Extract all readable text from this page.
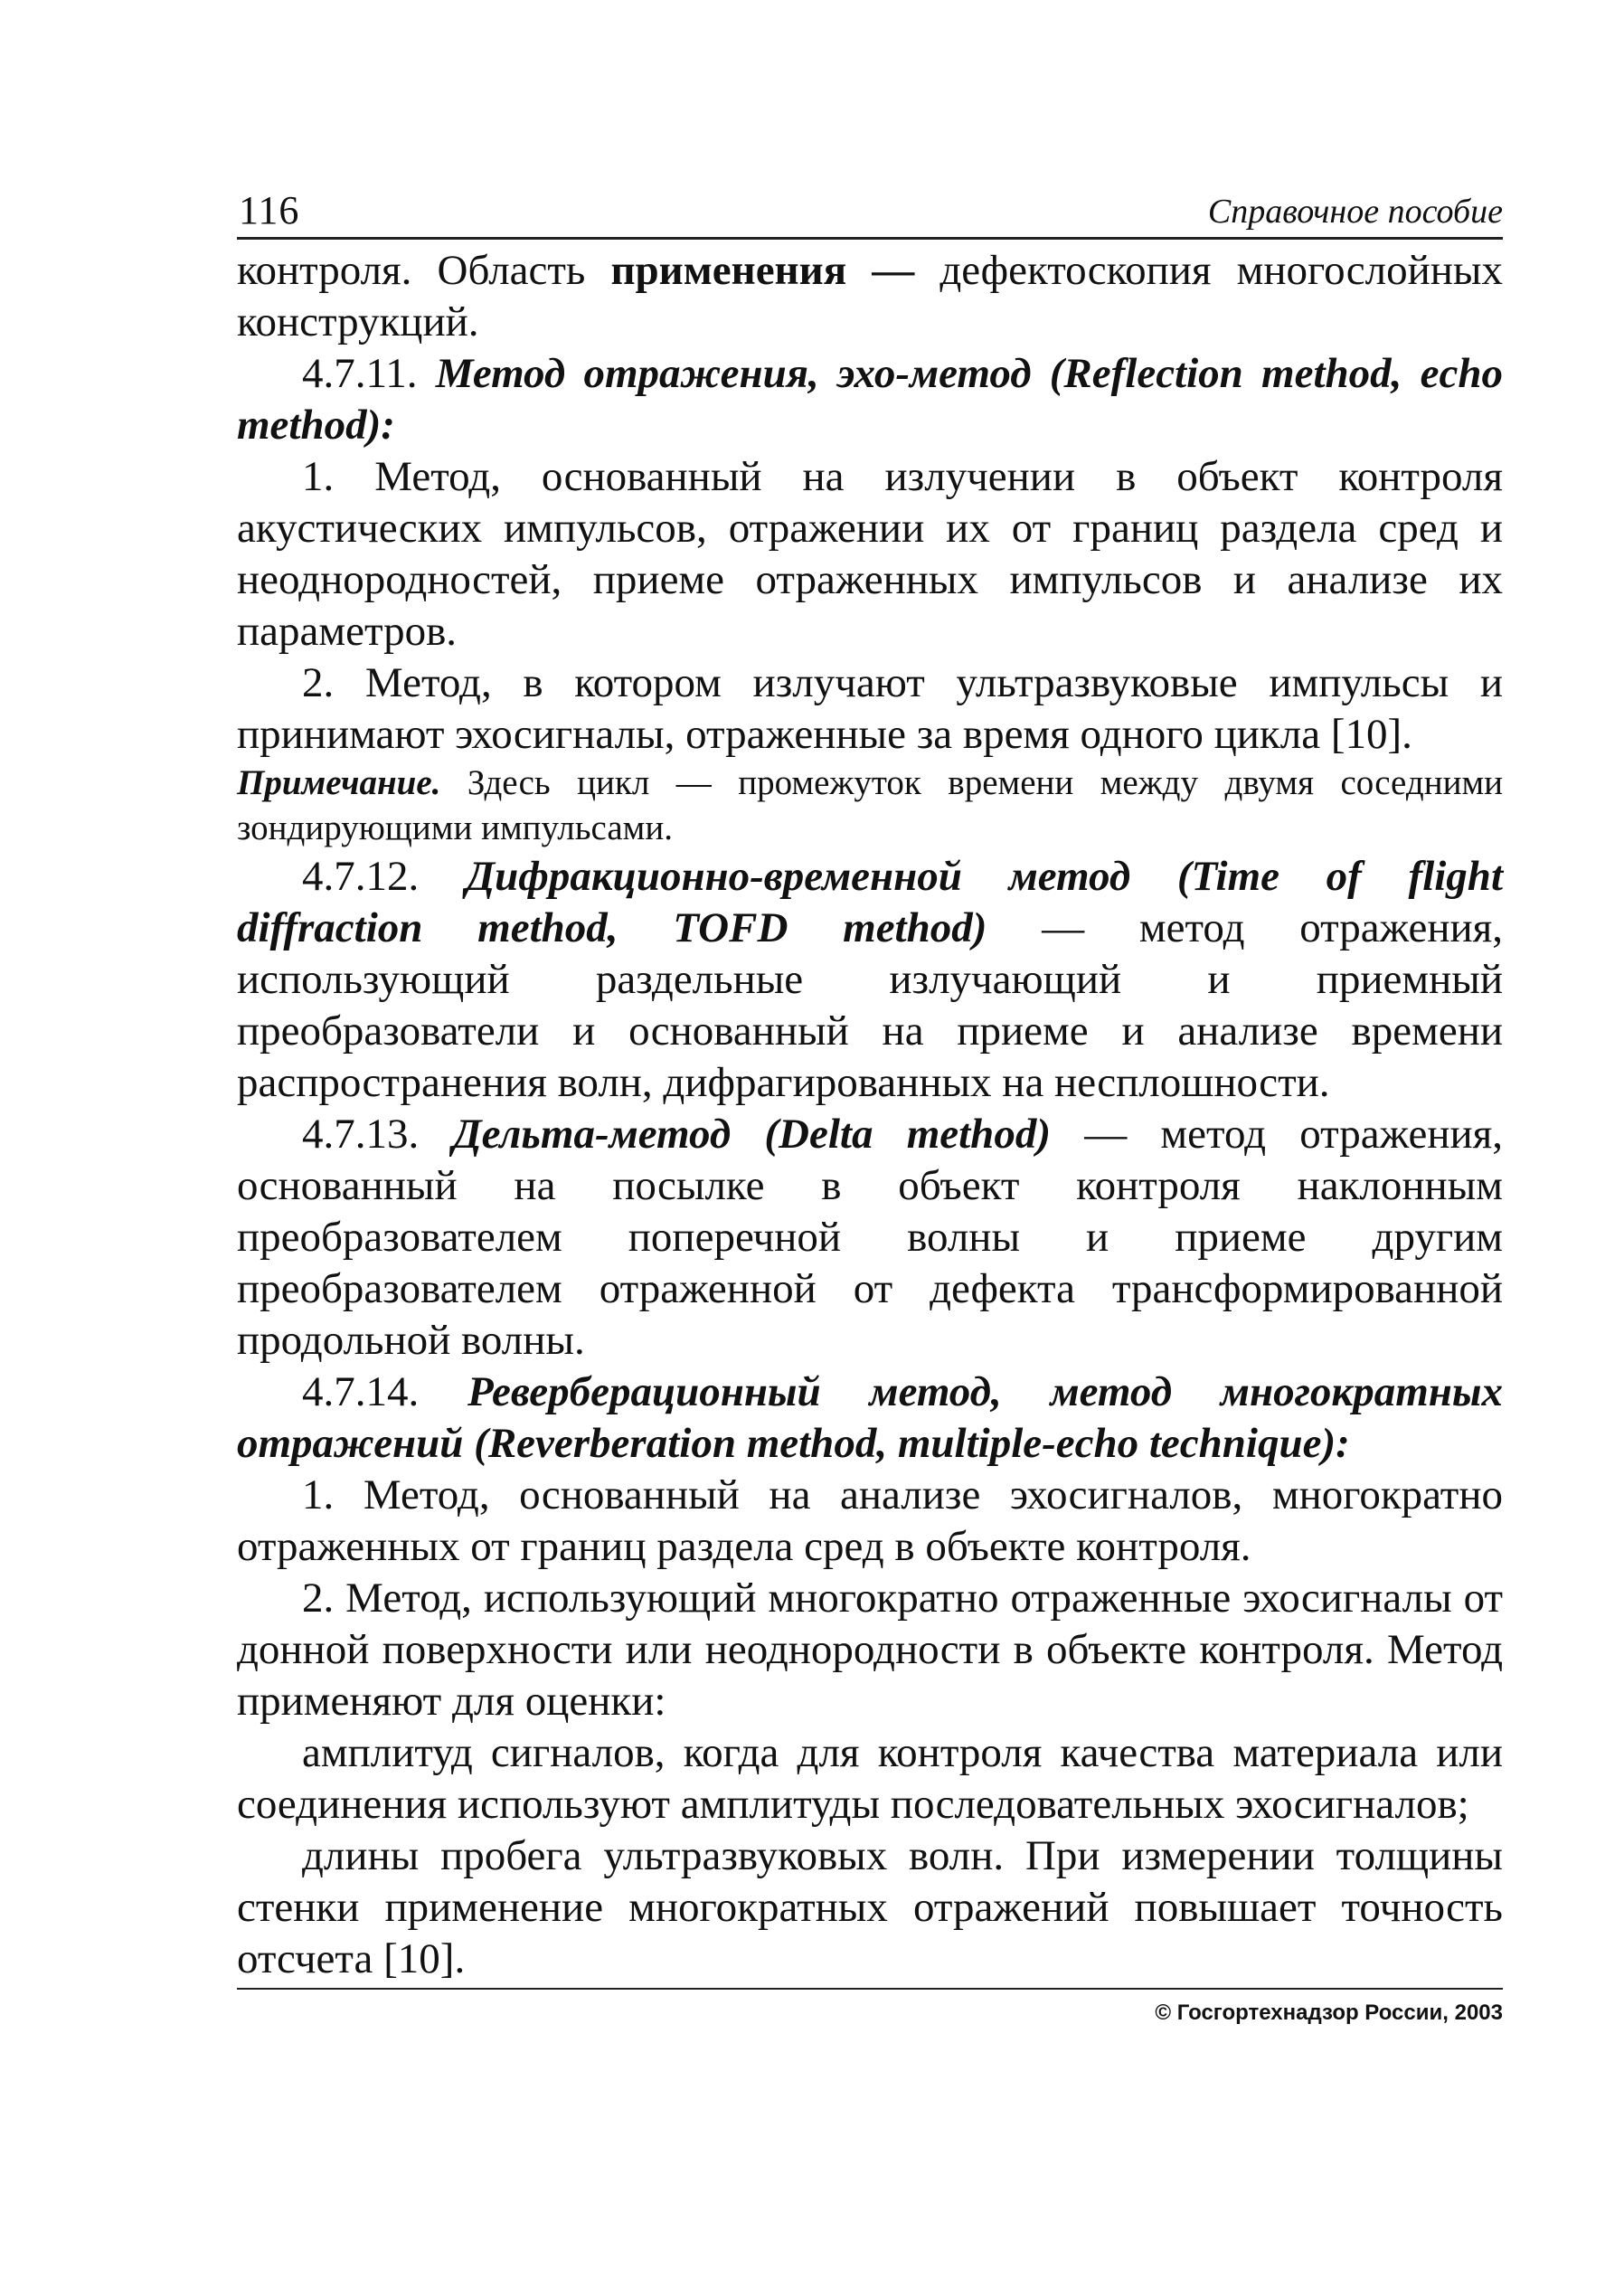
116	Справочное пособие

контроля. Область применения — дефектоскопия многослойных конструкций.

4.7.11. Метод отражения, эхо-метод (Reflection method, echo method):

1. Метод, основанный на излучении в объект контроля акустических импульсов, отражении их от границ раздела сред и неоднородностей, приеме отраженных импульсов и анализе их параметров.

2. Метод, в котором излучают ультразвуковые импульсы и принимают эхосигналы, отраженные за время одного цикла [10].

Примечание. Здесь цикл — промежуток времени между двумя соседними зондирующими импульсами.

4.7.12. Дифракционно-временной метод (Time of flight diffraction method, TOFD method) — метод отражения, использующий раздельные излучающий и приемный преобразователи и основанный на приеме и анализе времени распространения волн, дифрагированных на несплошности.

4.7.13. Дельта-метод (Delta method) — метод отражения, основанный на посылке в объект контроля наклонным преобразователем поперечной волны и приеме другим преобразователем отраженной от дефекта трансформированной продольной волны.

4.7.14. Реверберационный метод, метод многократных отражений (Reverberation method, multiple-echo technique):

1. Метод, основанный на анализе эхосигналов, многократно отраженных от границ раздела сред в объекте контроля.

2. Метод, использующий многократно отраженные эхосигналы от донной поверхности или неоднородности в объекте контроля. Метод применяют для оценки:

амплитуд сигналов, когда для контроля качества материала или соединения используют амплитуды последовательных эхосигналов;

длины пробега ультразвуковых волн. При измерении толщины стенки применение многократных отражений повышает точность отсчета [10].

© Госгортехнадзор России, 2003
